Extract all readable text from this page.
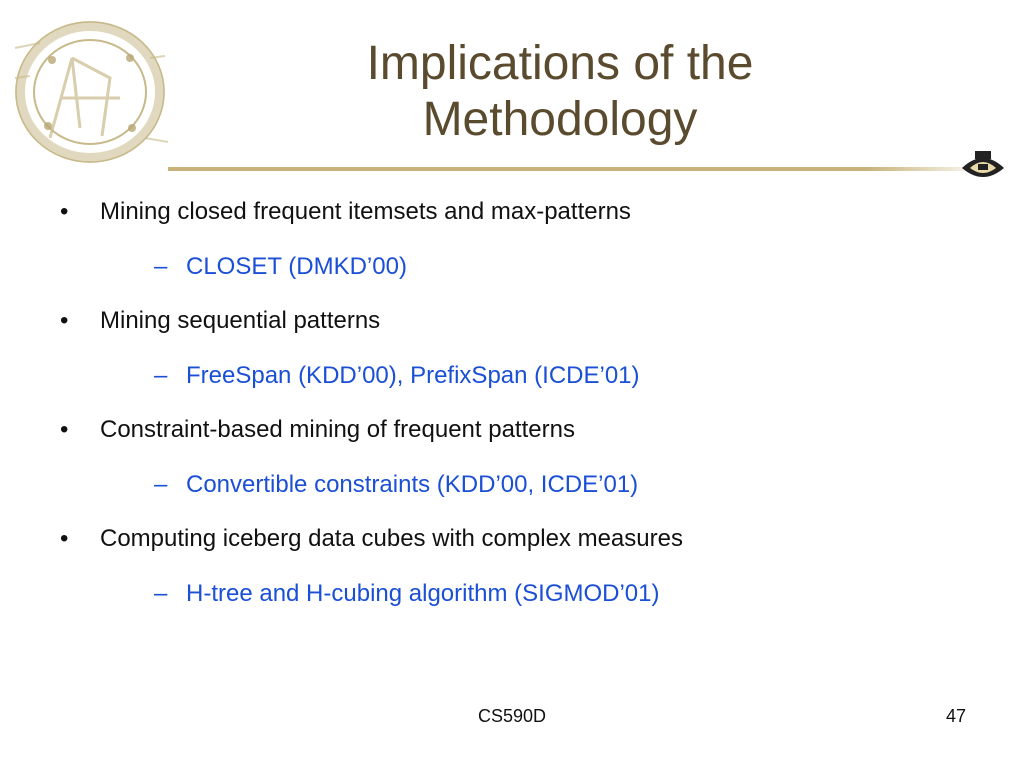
Implications of the
Methodology
• Mining closed frequent itemsets and max-patterns
– CLOSET (DMKD’00)
• Mining sequential patterns
– FreeSpan (KDD’00), PrefixSpan (ICDE’01)
• Constraint-based mining of frequent patterns
– Convertible constraints (KDD’00, ICDE’01)
• Computing iceberg data cubes with complex measures
– H-tree and H-cubing algorithm (SIGMOD’01)
CS590D	47
